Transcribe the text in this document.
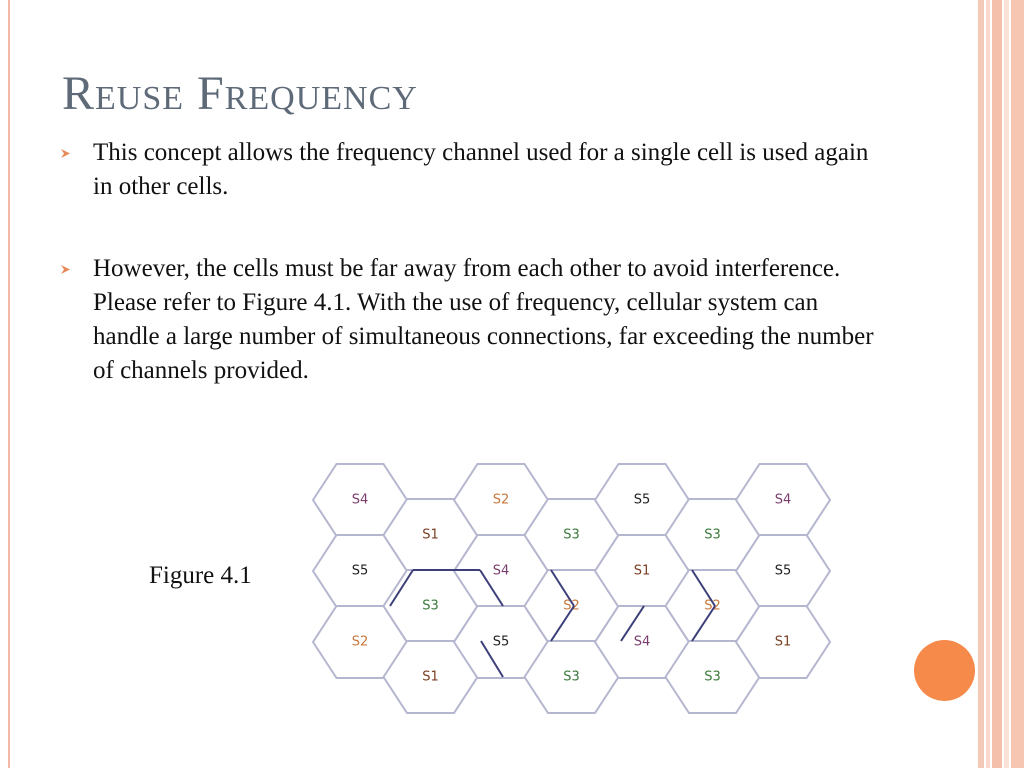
Reuse Frequency
This concept allows the frequency channel used for a single cell is used again in other cells.
However, the cells must be far away from each other to avoid interference. Please refer to Figure 4.1. With the use of frequency, cellular system can handle a large number of simultaneous connections, far exceeding the number of channels provided.
Figure 4.1
S4
S5
S2
S1
S3
S1
S2
S4
S5
S3
S2
S3
S5
S1
S4
S3
S2
S3
S4
S5
S1
